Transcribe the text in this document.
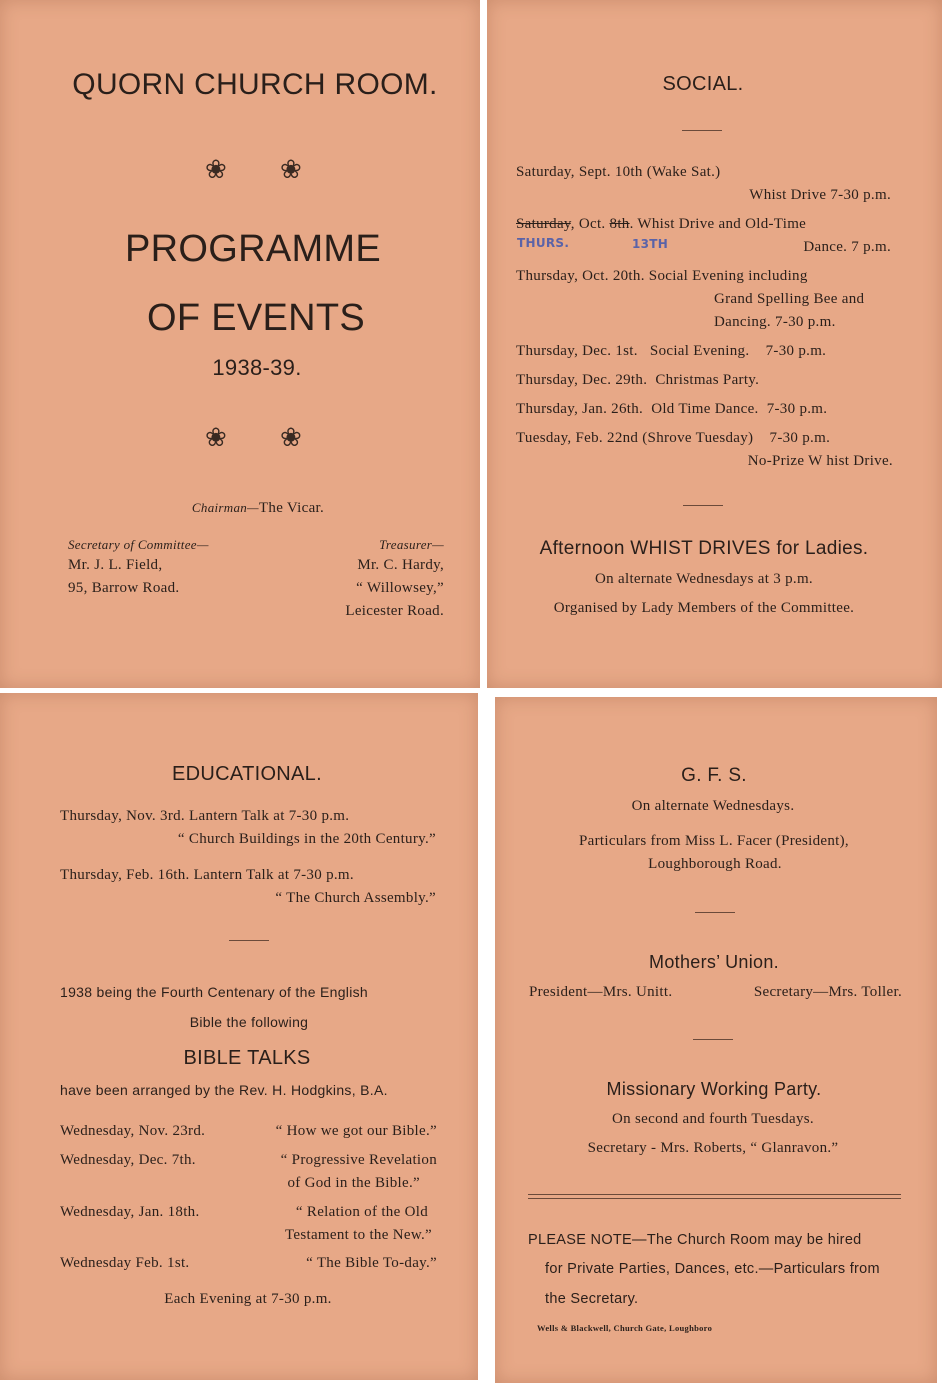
QUORN CHURCH ROOM.
❀ ❀
PROGRAMME
OF EVENTS
1938-39.
❀ ❀
Chairman—The Vicar.
Secretary of Committee—
Mr. J. L. Field,
95, Barrow Road.
Treasurer—
Mr. C. Hardy,
“ Willowsey,”
Leicester Road.
SOCIAL.
Saturday, Sept. 10th (Wake Sat.)
Whist Drive 7-30 p.m.
Saturday, Oct. 8th. Whist Drive and Old-Time
THURS.	13TH	Dance. 7 p.m.
Thursday, Oct. 20th. Social Evening including
Grand Spelling Bee and
Dancing. 7-30 p.m.
Thursday, Dec. 1st.   Social Evening.    7-30 p.m.
Thursday, Dec. 29th.  Christmas Party.
Thursday, Jan. 26th.  Old Time Dance.  7-30 p.m.
Tuesday, Feb. 22nd (Shrove Tuesday)    7-30 p.m.
No-Prize W hist Drive.
Afternoon WHIST DRIVES for Ladies.
On alternate Wednesdays at 3 p.m.
Organised by Lady Members of the Committee.
EDUCATIONAL.
Thursday, Nov. 3rd. Lantern Talk at 7-30 p.m.
“ Church Buildings in the 20th Century.”
Thursday, Feb. 16th. Lantern Talk at 7-30 p.m.
“ The Church Assembly.”
1938 being the Fourth Centenary of the English
Bible the following
BIBLE TALKS
have been arranged by the Rev. H. Hodgkins, B.A.
Wednesday, Nov. 23rd.	“ How we got our Bible.”
Wednesday, Dec. 7th.	“ Progressive Revelation
of God in the Bible.”
Wednesday, Jan. 18th.	“ Relation of the Old
Testament to the New.”
Wednesday Feb. 1st.	“ The Bible To-day.”
Each Evening at 7-30 p.m.
G. F. S.
On alternate Wednesdays.
Particulars from Miss L. Facer (President),
Loughborough Road.
Mothers’ Union.
President—Mrs. Unitt.	Secretary—Mrs. Toller.
Missionary Working Party.
On second and fourth Tuesdays.
Secretary - Mrs. Roberts, “ Glanravon.”
PLEASE NOTE—The Church Room may be hired
for Private Parties, Dances, etc.—Particulars from
the Secretary.
Wells & Blackwell, Church Gate, Loughboro
